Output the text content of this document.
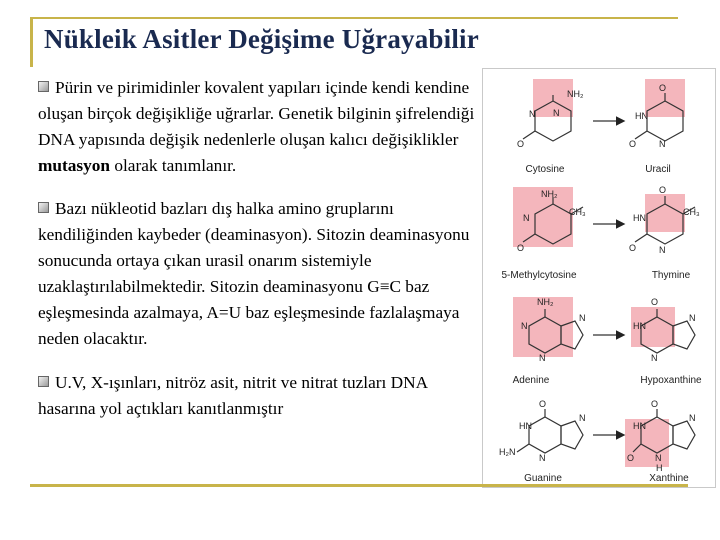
Nükleik Asitler Değişime Uğrayabilir

Pürin ve pirimidinler kovalent yapıları içinde kendi kendine oluşan birçok değişikliğe uğrarlar. Genetik bilginin şifrelendiği DNA yapısında değişik nedenlerle oluşan kalıcı değişiklikler mutasyon olarak tanımlanır.

Bazı nükleotid bazları dış halka amino gruplarını kendiliğinden kaybeder (deaminasyon). Sitozin deaminasyonu sonucunda ortaya çıkan urasil onarım sistemiyle uzaklaştırılabilmektedir. Sitozin deaminasyonu G≡C baz eşleşmesinda azalmaya, A=U baz eşleşmesinde fazlalaşmaya neden olacaktır.

U.V, X-ışınları, nitröz asit, nitrit ve nitrat tuzları DNA hasarına yol açtıkları kanıtlanmıştır

NH₂
N
N
O
O
HN
O	N
NH₂
CH₃
N
O
O
CH₃
HN
O	N
NH₂
N
N
N
O
HN
N
N
O
HN
N
H₂N
N
O
HN
N
O N
H
Cytosine	Uracil
5-Methylcytosine	Thymine
Adenine	Hypoxanthine
Guanine	Xanthine
